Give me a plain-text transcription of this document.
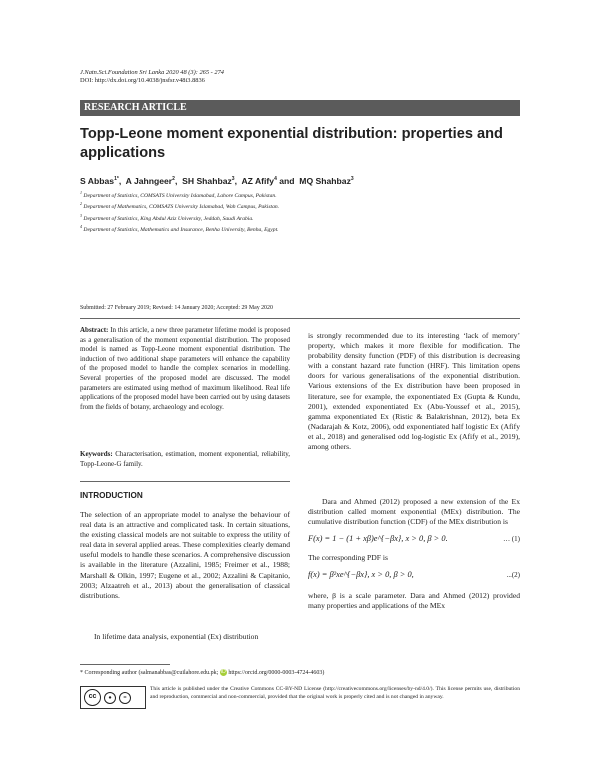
J.Natn.Sci.Foundation Sri Lanka 2020 48 (3): 265 - 274
DOI: http://dx.doi.org/10.4038/jnsfsr.v48i3.8836
RESEARCH ARTICLE
Topp-Leone moment exponential distribution: properties and applications
S Abbas$^{1*}$, A Jahngeer$^2$, SH Shahbaz$^3$, AZ Afify$^4$ and MQ Shahbaz$^3$
$^1$ Department of Statistics, COMSATS University Islamabad, Lahore Campus, Pakistan.
$^2$ Department of Mathematics, COMSATS University Islamabad, Wah Campus, Pakistan.
$^3$ Department of Statistics, King Abdul Aziz University, Jeddah, Saudi Arabia.
$^4$ Department of Statistics, Mathematics and Insurance, Benha University, Benha, Egypt.
Submitted: 27 February 2019; Revised: 14 January 2020; Accepted: 29 May 2020
Abstract: In this article, a new three parameter lifetime model is proposed as a generalisation of the moment exponential distribution. The proposed model is named as Topp-Leone moment exponential distribution. The induction of two additional shape parameters will enhance the capability of the proposed model to handle the complex scenarios in modelling. Several properties of the proposed model are discussed. The model parameters are estimated using method of maximum likelihood. Real life applications of the proposed model have been carried out by using datasets from the fields of botany, archaeology and ecology.
Keywords: Characterisation, estimation, moment exponential, reliability, Topp-Leone-G family.
INTRODUCTION
The selection of an appropriate model to analyse the behaviour of real data is an attractive and complicated task. In certain situations, the existing classical models are not suitable to express the utility of real data in several applied areas. These complexities clearly demand useful models to handle these scenarios. A comprehensive discussion is available in the literature (Azzalini, 1985; Freimer et al., 1988; Marshall & Olkin, 1997; Eugene et al., 2002; Azzalini & Capitanio, 2003; Alzaatreh et al., 2013) about the generalisation of classical distributions.
In lifetime data analysis, exponential (Ex) distribution
is strongly recommended due to its interesting ‘lack of memory’ property, which makes it more flexible for modification. The probability density function (PDF) of this distribution is decreasing with a constant hazard rate function (HRF). This limitation opens doors for various generalisations of the exponential distribution. Various extensions of the Ex distribution have been proposed in literature, see for example, the exponentiated Ex (Gupta & Kundu, 2001), extended exponentiated Ex (Abu-Youssef et al., 2015), gamma exponentiated Ex (Ristic & Balakrishnan, 2012), beta Ex (Nadarajah & Kotz, 2006), odd exponentiated half logistic Ex (Afify et al., 2018) and generalised odd log-logistic Ex (Afify et al., 2019), among others.
Dara and Ahmed (2012) proposed a new extension of the Ex distribution called moment exponential (MEx) distribution. The cumulative distribution function (CDF) of the MEx distribution is
F(x) = 1 − (1 + xβ)e^{−βx}, x > 0, β > 0.	… (1)
The corresponding PDF is
f(x) = β²xe^{−βx}, x > 0, β > 0,	...(2)
where, β is a scale parameter. Dara and Ahmed (2012) provided many properties and applications of the MEx
* Corresponding author (salmanabbas@cuilahore.edu.pk; iD https://orcid.org/0000-0003-4724-4603)
cc	●	=
This article is published under the Creative Commons CC-BY-ND License (http://creativecommons.org/licenses/by-nd/4.0/). This license permits use, distribution and reproduction, commercial and non-commercial, provided that the original work is properly cited and is not changed in anyway.
